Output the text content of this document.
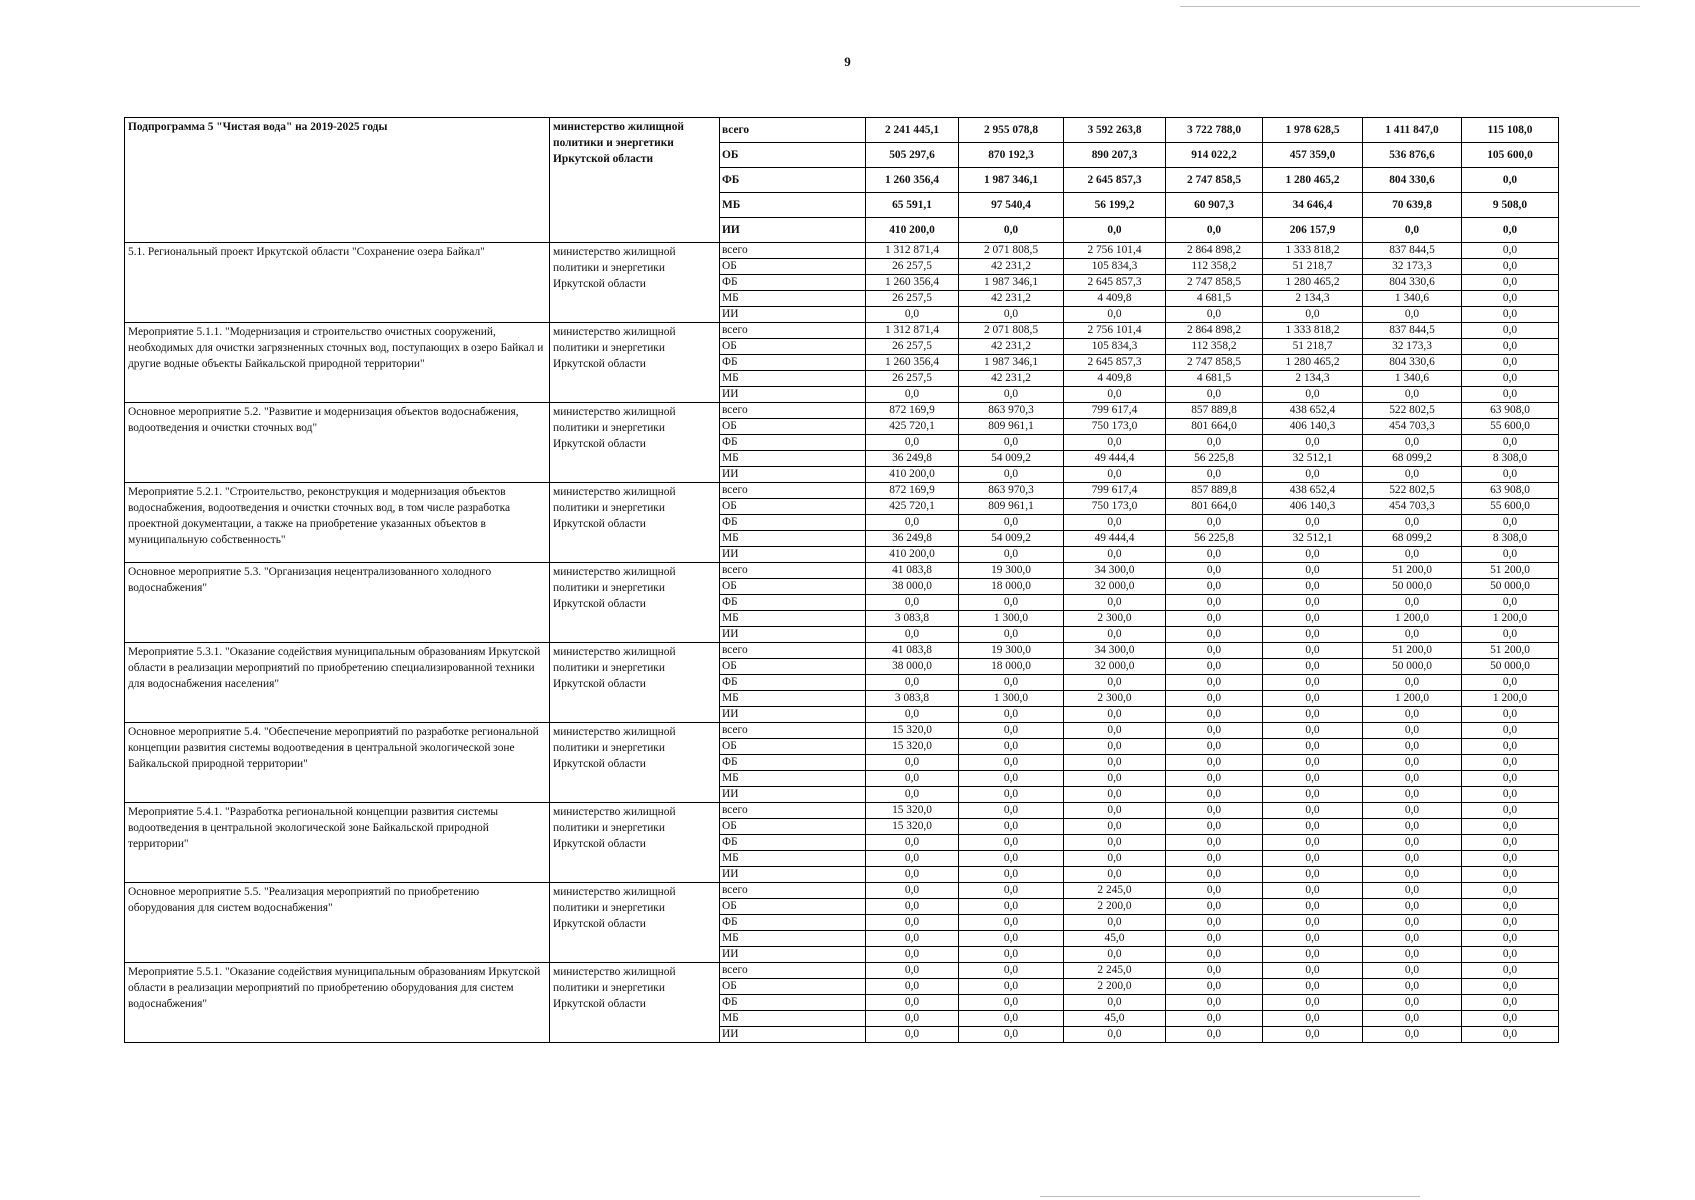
9
Подпрограмма 5 "Чистая вода" на 2019-2025 годы	министерство жилищной политики и энергетики Иркутской области	всего	2 241 445,1	2 955 078,8	3 592 263,8	3 722 788,0	1 978 628,5	1 411 847,0	115 108,0
		ОБ	505 297,6	870 192,3	890 207,3	914 022,2	457 359,0	536 876,6	105 600,0
		ФБ	1 260 356,4	1 987 346,1	2 645 857,3	2 747 858,5	1 280 465,2	804 330,6	0,0
		МБ	65 591,1	97 540,4	56 199,2	60 907,3	34 646,4	70 639,8	9 508,0
		ИИ	410 200,0	0,0	0,0	0,0	206 157,9	0,0	0,0
5.1. Региональный проект Иркутской области "Сохранение озера Байкал"	министерство жилищной политики и энергетики Иркутской области	всего	1 312 871,4	2 071 808,5	2 756 101,4	2 864 898,2	1 333 818,2	837 844,5	0,0
		ОБ	26 257,5	42 231,2	105 834,3	112 358,2	51 218,7	32 173,3	0,0
		ФБ	1 260 356,4	1 987 346,1	2 645 857,3	2 747 858,5	1 280 465,2	804 330,6	0,0
		МБ	26 257,5	42 231,2	4 409,8	4 681,5	2 134,3	1 340,6	0,0
		ИИ	0,0	0,0	0,0	0,0	0,0	0,0	0,0
Мероприятие 5.1.1. "Модернизация и строительство очистных сооружений, необходимых для очистки загрязненных сточных вод, поступающих в озеро Байкал и другие водные объекты Байкальской природной территории"	министерство жилищной политики и энергетики Иркутской области	всего	1 312 871,4	2 071 808,5	2 756 101,4	2 864 898,2	1 333 818,2	837 844,5	0,0
		ОБ	26 257,5	42 231,2	105 834,3	112 358,2	51 218,7	32 173,3	0,0
		ФБ	1 260 356,4	1 987 346,1	2 645 857,3	2 747 858,5	1 280 465,2	804 330,6	0,0
		МБ	26 257,5	42 231,2	4 409,8	4 681,5	2 134,3	1 340,6	0,0
		ИИ	0,0	0,0	0,0	0,0	0,0	0,0	0,0
Основное мероприятие 5.2. "Развитие и модернизация объектов водоснабжения, водоотведения и очистки сточных вод"	министерство жилищной политики и энергетики Иркутской области	всего	872 169,9	863 970,3	799 617,4	857 889,8	438 652,4	522 802,5	63 908,0
		ОБ	425 720,1	809 961,1	750 173,0	801 664,0	406 140,3	454 703,3	55 600,0
		ФБ	0,0	0,0	0,0	0,0	0,0	0,0	0,0
		МБ	36 249,8	54 009,2	49 444,4	56 225,8	32 512,1	68 099,2	8 308,0
		ИИ	410 200,0	0,0	0,0	0,0	0,0	0,0	0,0
Мероприятие 5.2.1. "Строительство, реконструкция и модернизация объектов водоснабжения, водоотведения и очистки сточных вод, в том числе разработка проектной документации, а также на приобретение указанных объектов в муниципальную собственность"	министерство жилищной политики и энергетики Иркутской области	всего	872 169,9	863 970,3	799 617,4	857 889,8	438 652,4	522 802,5	63 908,0
		ОБ	425 720,1	809 961,1	750 173,0	801 664,0	406 140,3	454 703,3	55 600,0
		ФБ	0,0	0,0	0,0	0,0	0,0	0,0	0,0
		МБ	36 249,8	54 009,2	49 444,4	56 225,8	32 512,1	68 099,2	8 308,0
		ИИ	410 200,0	0,0	0,0	0,0	0,0	0,0	0,0
Основное мероприятие 5.3. "Организация нецентрализованного холодного водоснабжения"	министерство жилищной политики и энергетики Иркутской области	всего	41 083,8	19 300,0	34 300,0	0,0	0,0	51 200,0	51 200,0
		ОБ	38 000,0	18 000,0	32 000,0	0,0	0,0	50 000,0	50 000,0
		ФБ	0,0	0,0	0,0	0,0	0,0	0,0	0,0
		МБ	3 083,8	1 300,0	2 300,0	0,0	0,0	1 200,0	1 200,0
		ИИ	0,0	0,0	0,0	0,0	0,0	0,0	0,0
Мероприятие 5.3.1. "Оказание содействия муниципальным образованиям Иркутской области в реализации мероприятий по приобретению специализированной техники для водоснабжения населения"	министерство жилищной политики и энергетики Иркутской области	всего	41 083,8	19 300,0	34 300,0	0,0	0,0	51 200,0	51 200,0
		ОБ	38 000,0	18 000,0	32 000,0	0,0	0,0	50 000,0	50 000,0
		ФБ	0,0	0,0	0,0	0,0	0,0	0,0	0,0
		МБ	3 083,8	1 300,0	2 300,0	0,0	0,0	1 200,0	1 200,0
		ИИ	0,0	0,0	0,0	0,0	0,0	0,0	0,0
Основное мероприятие 5.4. "Обеспечение мероприятий по разработке региональной концепции развития системы водоотведения в центральной экологической зоне Байкальской природной территории"	министерство жилищной политики и энергетики Иркутской области	всего	15 320,0	0,0	0,0	0,0	0,0	0,0	0,0
		ОБ	15 320,0	0,0	0,0	0,0	0,0	0,0	0,0
		ФБ	0,0	0,0	0,0	0,0	0,0	0,0	0,0
		МБ	0,0	0,0	0,0	0,0	0,0	0,0	0,0
		ИИ	0,0	0,0	0,0	0,0	0,0	0,0	0,0
Мероприятие 5.4.1. "Разработка региональной концепции развития системы водоотведения в центральной экологической зоне Байкальской природной территории"	министерство жилищной политики и энергетики Иркутской области	всего	15 320,0	0,0	0,0	0,0	0,0	0,0	0,0
		ОБ	15 320,0	0,0	0,0	0,0	0,0	0,0	0,0
		ФБ	0,0	0,0	0,0	0,0	0,0	0,0	0,0
		МБ	0,0	0,0	0,0	0,0	0,0	0,0	0,0
		ИИ	0,0	0,0	0,0	0,0	0,0	0,0	0,0
Основное мероприятие 5.5. "Реализация мероприятий по приобретению оборудования для систем водоснабжения"	министерство жилищной политики и энергетики Иркутской области	всего	0,0	0,0	2 245,0	0,0	0,0	0,0	0,0
		ОБ	0,0	0,0	2 200,0	0,0	0,0	0,0	0,0
		ФБ	0,0	0,0	0,0	0,0	0,0	0,0	0,0
		МБ	0,0	0,0	45,0	0,0	0,0	0,0	0,0
		ИИ	0,0	0,0	0,0	0,0	0,0	0,0	0,0
Мероприятие 5.5.1. "Оказание содействия муниципальным образованиям Иркутской области в реализации мероприятий по приобретению оборудования для систем водоснабжения"	министерство жилищной политики и энергетики Иркутской области	всего	0,0	0,0	2 245,0	0,0	0,0	0,0	0,0
		ОБ	0,0	0,0	2 200,0	0,0	0,0	0,0	0,0
		ФБ	0,0	0,0	0,0	0,0	0,0	0,0	0,0
		МБ	0,0	0,0	45,0	0,0	0,0	0,0	0,0
		ИИ	0,0	0,0	0,0	0,0	0,0	0,0	0,0
